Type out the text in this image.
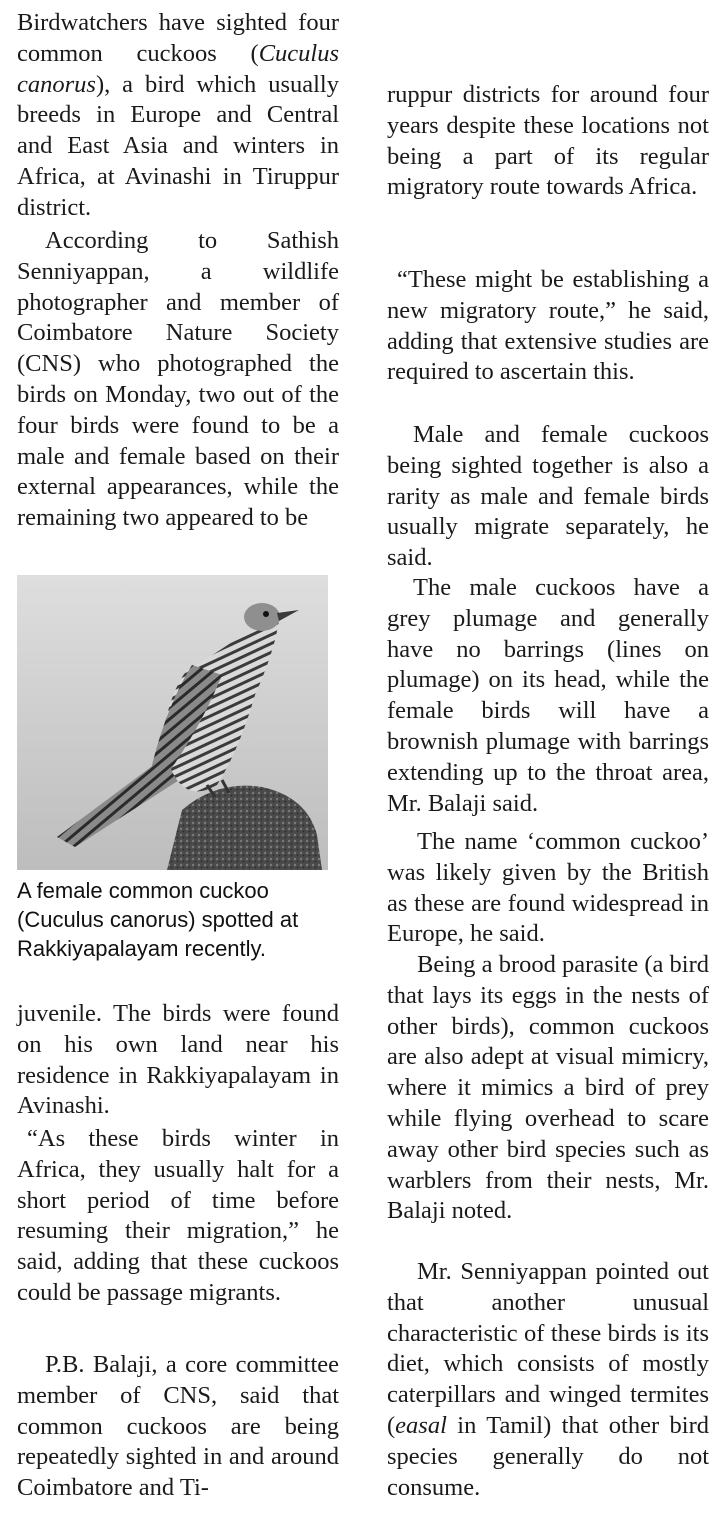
Birdwatchers have sighted four common cuckoos (Cuculus canorus), a bird which usually breeds in Europe and Central and East Asia and winters in Africa, at Avinashi in Tiruppur district.

According to Sathish Senniyappan, a wildlife photographer and member of Coimbatore Nature Society (CNS) who photographed the birds on Monday, two out of the four birds were found to be a male and female based on their external appearances, while the remaining two appeared to be

juvenile. The birds were found on his own land near his residence in Rakkiyapalayam in Avinashi.

“As these birds winter in Africa, they usually halt for a short period of time before resuming their migration,” he said, adding that these cuckoos could be passage migrants.

P.B. Balaji, a core committee member of CNS, said that common cuckoos are being repeatedly sighted in and around Coimbatore and Ti-

A female common cuckoo (Cuculus canorus) spotted at Rakkiyapalayam recently.

ruppur districts for around four years despite these locations not being a part of its regular migratory route towards Africa.

“These might be establishing a new migratory route,” he said, adding that extensive studies are required to ascertain this.

Male and female cuckoos being sighted together is also a rarity as male and female birds usually migrate separately, he said.

The male cuckoos have a grey plumage and generally have no barrings (lines on plumage) on its head, while the female birds will have a brownish plumage with barrings extending up to the throat area, Mr. Balaji said.

The name ‘common cuckoo’ was likely given by the British as these are found widespread in Europe, he said.

Being a brood parasite (a bird that lays its eggs in the nests of other birds), common cuckoos are also adept at visual mimicry, where it mimics a bird of prey while flying overhead to scare away other bird species such as warblers from their nests, Mr. Balaji noted.

Mr. Senniyappan pointed out that another unusual characteristic of these birds is its diet, which consists of mostly caterpillars and winged termites (easal in Tamil) that other bird species generally do not consume.
